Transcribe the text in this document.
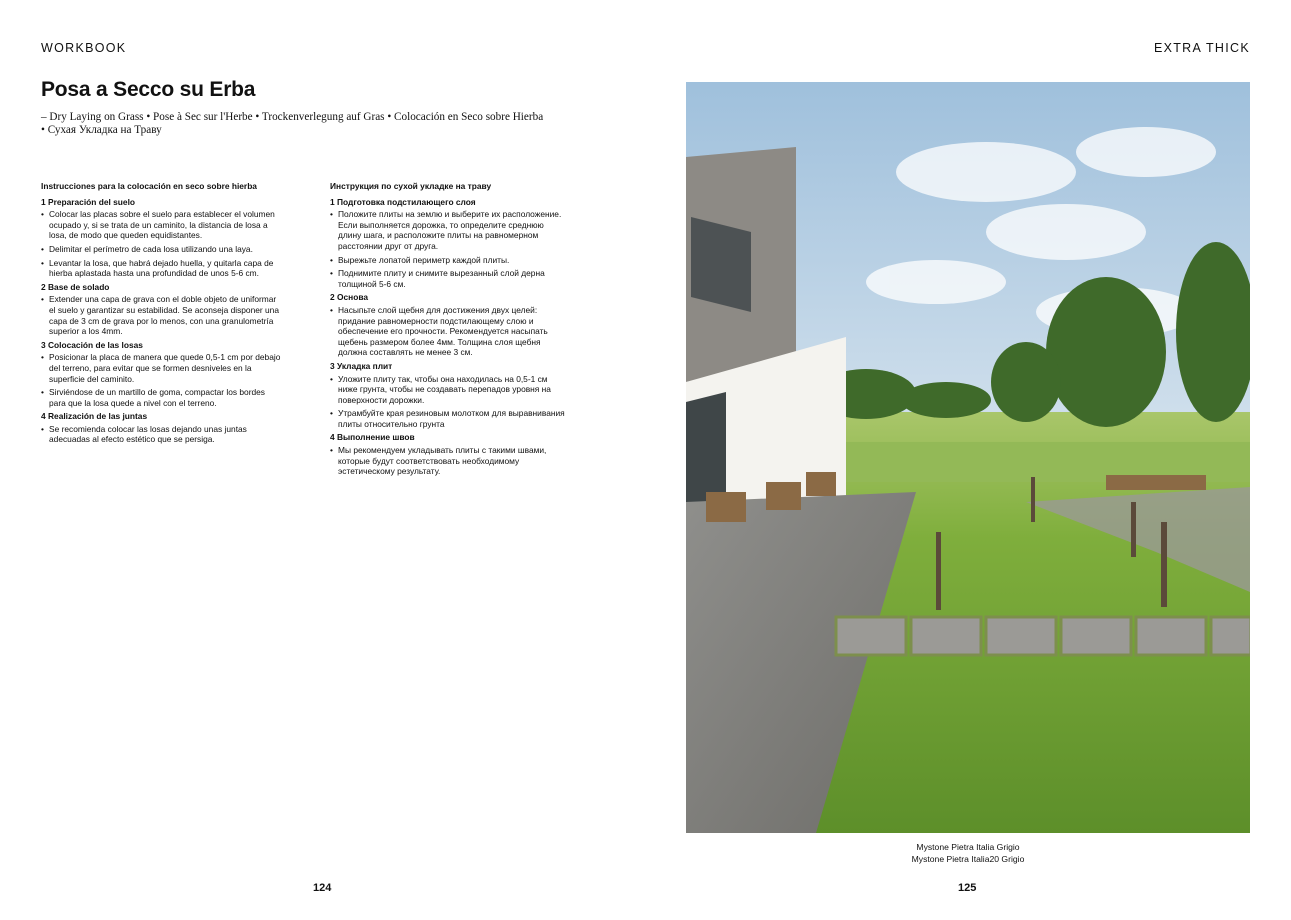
WORKBOOK	EXTRA THICK
Posa a Secco su Erba
– Dry Laying on Grass • Pose à Sec sur l'Herbe • Trockenverlegung auf Gras • Colocación en Seco sobre Hierba
• Сухая Укладка на Траву
Instrucciones para la colocación en seco sobre hierba
1 Preparación del suelo
• Colocar las placas sobre el suelo para establecer el volumen ocupado y, si se trata de un caminito, la distancia de losa a losa, de modo que queden equidistantes.
• Delimitar el perímetro de cada losa utilizando una laya.
• Levantar la losa, que habrá dejado huella, y quitarla capa de hierba aplastada hasta una profundidad de unos 5-6 cm.
2 Base de solado
• Extender una capa de grava con el doble objeto de uniformar el suelo y garantizar su estabilidad. Se aconseja disponer una capa de 3 cm de grava por lo menos, con una granulometría superior a los 4mm.
3 Colocación de las losas
• Posicionar la placa de manera que quede 0,5-1 cm por debajo del terreno, para evitar que se formen desniveles en la superficie del caminito.
• Sirviéndose de un martillo de goma, compactar los bordes para que la losa quede a nivel con el terreno.
4 Realización de las juntas
• Se recomienda colocar las losas dejando unas juntas adecuadas al efecto estético que se persiga.
Инструкция по сухой укладке на траву
1 Подготовка подстилающего слоя
• Положите плиты на землю и выберите их расположение. Если выполняется дорожка, то определите среднюю длину шага, и расположите плиты на равномерном расстоянии друг от друга.
• Вырежьте лопатой периметр каждой плиты.
• Поднимите плиту и снимите вырезанный слой дерна толщиной 5-6 см.
2 Основа
• Насыпьте слой щебня для достижения двух целей: придание равномерности подстилающему слою и обеспечение его прочности. Рекомендуется насыпать щебень размером более 4мм. Толщина слоя щебня должна составлять не менее 3 см.
3 Укладка плит
• Уложите плиту так, чтобы она находилась на 0,5-1 см ниже грунта, чтобы не создавать перепадов уровня на поверхности дорожки.
• Утрамбуйте края резиновым молотком для выравнивания плиты относительно грунта
4 Выполнение швов
• Мы рекомендуем укладывать плиты с такими швами, которые будут соответствовать необходимому эстетическому результату.
Mystone Pietra Italia Grigio
Mystone Pietra Italia20 Grigio
124	125
